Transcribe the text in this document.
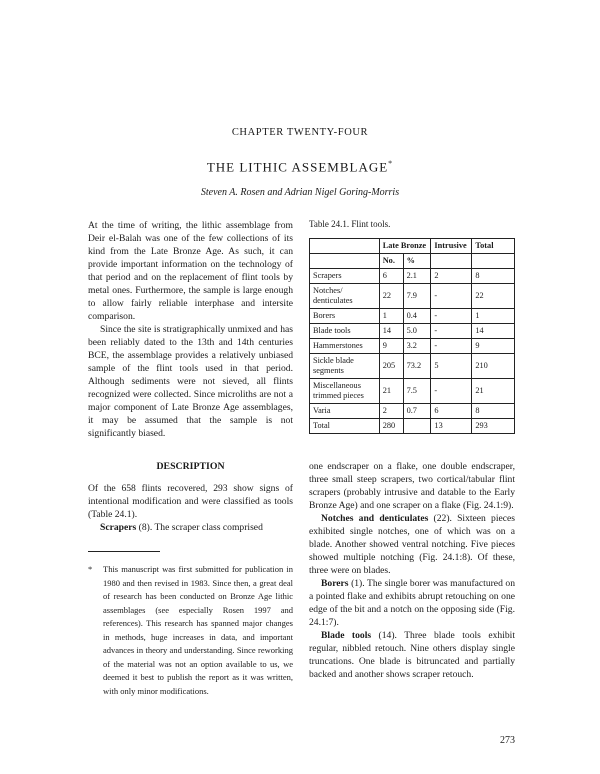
CHAPTER TWENTY-FOUR
THE LITHIC ASSEMBLAGE*
Steven A. Rosen and Adrian Nigel Goring-Morris

At the time of writing, the lithic assemblage from Deir el-Balah was one of the few collections of its kind from the Late Bronze Age. As such, it can provide important information on the technology of that period and on the replacement of flint tools by metal ones. Furthermore, the sample is large enough to allow fairly reliable interphase and intersite comparison.

Since the site is stratigraphically unmixed and has been reliably dated to the 13th and 14th centuries BCE, the assemblage provides a relatively unbiased sample of the flint tools used in that period. Although sediments were not sieved, all flints recognized were collected. Since microliths are not a major component of Late Bronze Age assemblages, it may be assumed that the sample is not significantly biased.

DESCRIPTION

Of the 658 flints recovered, 293 show signs of intentional modification and were classified as tools (Table 24.1).

Scrapers (8). The scraper class comprised

Table 24.1. Flint tools.
	Late Bronze		Intrusive	Total
	No.	%		
Scrapers	6	2.1	2	8
Notches/ denticulates	22	7.9	-	22
Borers	1	0.4	-	1
Blade tools	14	5.0	-	14
Hammerstones	9	3.2	-	9
Sickle blade segments	205	73.2	5	210
Miscellaneous trimmed pieces	21	7.5	-	21
Varia	2	0.7	6	8
Total	280		13	293

one endscraper on a flake, one double endscraper, three small steep scrapers, two cortical/tabular flint scrapers (probably intrusive and datable to the Early Bronze Age) and one scraper on a flake (Fig. 24.1:9).

Notches and denticulates (22). Sixteen pieces exhibited single notches, one of which was on a blade. Another showed ventral notching. Five pieces showed multiple notching (Fig. 24.1:8). Of these, three were on blades.

Borers (1). The single borer was manufactured on a pointed flake and exhibits abrupt retouching on one edge of the bit and a notch on the opposing side (Fig. 24.1:7).

Blade tools (14). Three blade tools exhibit regular, nibbled retouch. Nine others display single truncations. One blade is bitruncated and partially backed and another shows scraper retouch.

* This manuscript was first submitted for publication in 1980 and then revised in 1983. Since then, a great deal of research has been conducted on Bronze Age lithic assemblages (see especially Rosen 1997 and references). This research has spanned major changes in methods, huge increases in data, and important advances in theory and understanding. Since reworking of the material was not an option available to us, we deemed it best to publish the report as it was written, with only minor modifications.
273
